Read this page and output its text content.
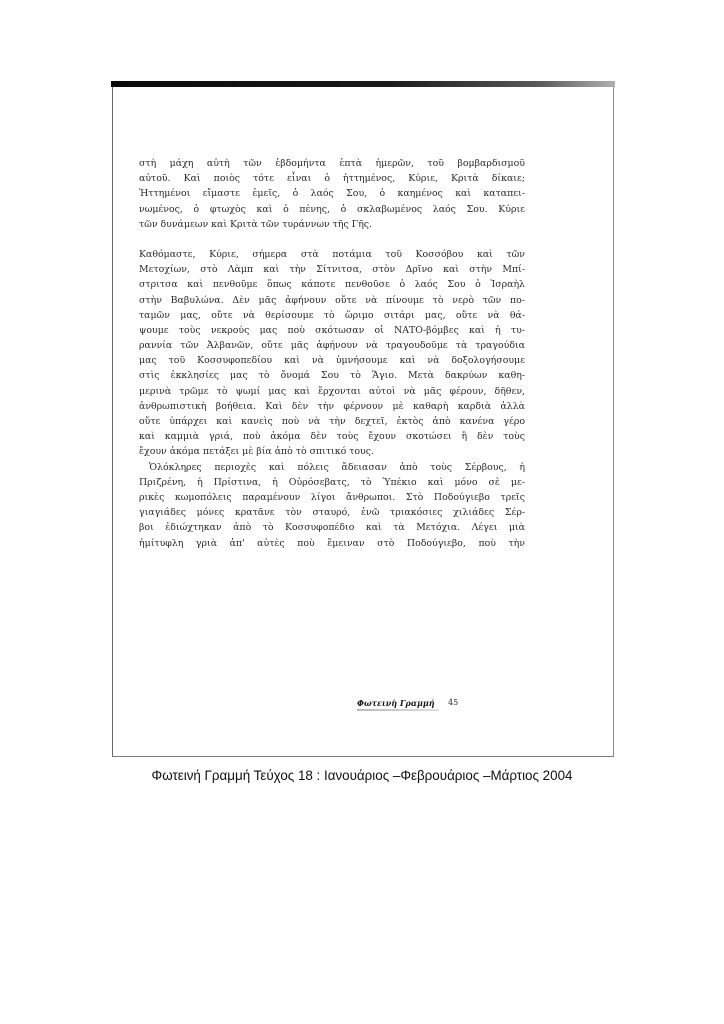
στὴ μάχη αὐτὴ τῶν ἑβδομήντα ἑπτὰ ἡμερῶν, τοῦ βομβαρδισμοῦ
αὐτοῦ. Καὶ ποιὸς τότε εἶναι ὁ ἡττημένος, Κύριε, Κριτὰ δίκαιε;
Ἡττημένοι εἴμαστε ἐμεῖς, ὁ λαός Σου, ὁ καημένος καὶ καταπει-
νωμένος, ὁ φτωχὸς καὶ ὁ πένης, ὁ σκλαβωμένος λαός Σου. Κύριε
τῶν δυνάμεων καὶ Κριτὰ τῶν τυράννων τῆς Γῆς.
Καθόμαστε, Κύριε, σήμερα στὰ ποτάμια τοῦ Κοσσόβου καὶ τῶν
Μετοχίων, στὸ Λὰμπ καὶ τὴν Σίτνιτσα, στὸν Δρῖνο καὶ στὴν Μπί-
στριτσα καὶ πενθοῦμε ὅπως κάποτε πενθοῦσε ὁ λαός Σου ὁ Ἰσραὴλ
στὴν Βαβυλώνα. Δὲν μᾶς ἀφήνουν οὔτε νὰ πίνουμε τὸ νερὸ τῶν πο-
ταμῶν μας, οὔτε νὰ θερίσουμε τὸ ὥριμο σιτάρι μας, οὔτε νὰ θά-
ψουμε τοὺς νεκρούς μας ποὺ σκότωσαν οἱ ΝΑΤΟ-βόμβες καὶ ἡ τυ-
ραννία τῶν Ἀλβανῶν, οὔτε μᾶς ἀφήνουν νὰ τραγουδοῦμε τὰ τραγούδια
μας τοῦ Κοσσυφοπεδίου καὶ νὰ ὑμνήσουμε καὶ νὰ δοξολογήσουμε
στὶς ἐκκλησίες μας τὸ ὄνομά Σου τὸ Ἅγιο. Μετὰ δακρύων καθη-
μερινὰ τρῶμε τὸ ψωμί μας καὶ ἔρχονται αὐτοὶ νὰ μᾶς φέρουν, δῆθεν,
ἀνθρωπιστικὴ βοήθεια. Καὶ δὲν τὴν φέρνουν μὲ καθαρὴ καρδιὰ ἀλλὰ
οὔτε ὑπάρχει καὶ κανεὶς ποὺ νὰ τὴν δεχτεῖ, ἐκτὸς ἀπὸ κανένα γέρο
καὶ καμμιὰ γριά, ποὺ ἀκόμα δὲν τοὺς ἔχουν σκοτώσει ἢ δὲν τοὺς
ἔχουν ἀκόμα πετάξει μὲ βία ἀπὸ τὸ σπιτικό τους.
Ὁλόκληρες περιοχὲς καὶ πόλεις ἄδειασαν ἀπὸ τοὺς Σέρβους, ἡ
Πριζρένη, ἡ Πρίστινα, ἡ Οὐρόσεβατς, τὸ Ὑπέκιο καὶ μόνο σὲ με-
ρικὲς κωμοπόλεις παραμένουν λίγοι ἄνθρωποι. Στὸ Ποδούγιεβο τρεῖς
γιαγιάδες μόνες κρατᾶνε τὸν σταυρό, ἐνῶ τριακόσιες χιλιάδες Σέρ-
βοι ἐδιώχτηκαν ἀπὸ τὸ Κοσσυφοπέδιο καὶ τὰ Μετόχια. Λέγει μιὰ
ἡμίτυφλη γριὰ ἀπ' αὐτὲς ποὺ ἔμειναν στὸ Ποδούγιεβο, ποὺ τὴν
Φωτεινὴ Γραμμή 45
Φωτεινή Γραμμή Τεύχος 18 : Ιανουάριος –Φεβρουάριος –Μάρτιος 2004
